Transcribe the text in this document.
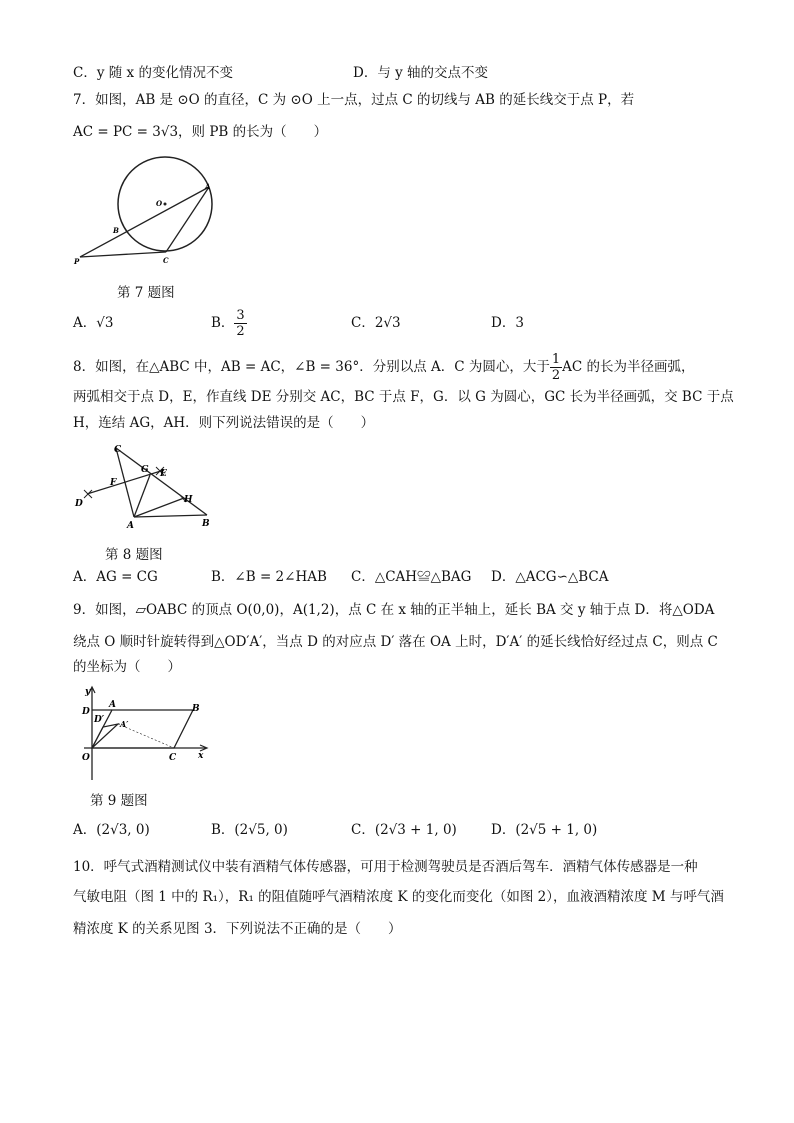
C．y 随 x 的变化情况不变	D．与 y 轴的交点不变
7．如图，AB 是 ⊙O 的直径，C 为 ⊙O 上一点，过点 C 的切线与 AB 的延长线交于点 P，若
AC = PC = 3√3，则 PB 的长为（　　）
O
A
B
C
P
第 7 题图
A．√3	B． $\frac{3}{2}$	C．2√3	D．3
8．如图，在△ABC 中，AB = AC，∠B = 36°．分别以点 A．C 为圆心，大于 $\frac{1}{2}$ AC 的长为半径画弧，
两弧相交于点 D，E，作直线 DE 分别交 AC，BC 于点 F，G．以 G 为圆心，GC 长为半径画弧，交 BC 于点
H，连结 AG，AH．则下列说法错误的是（　　）
C
G E
F
D	H
A	B
第 8 题图
A．AG = CG	B．∠B = 2∠HAB C．△CAH≌△BAG D．△ACG∽△BCA
9．如图，▱OABC 的顶点 O(0,0)，A(1,2)，点 C 在 x 轴的正半轴上，延长 BA 交 y 轴于点 D．将△ODA
绕点 O 顺时针旋转得到△OD′A′，当点 D 的对应点 D′ 落在 OA 上时，D′A′ 的延长线恰好经过点 C，则点 C
的坐标为（　　）
y
x
D
A	B
D′ A′
O	C
第 9 题图
A．(2√3, 0)	B．(2√5, 0)	C．(2√3 + 1, 0)	D．(2√5 + 1, 0)
10．呼气式酒精测试仪中装有酒精气体传感器，可用于检测驾驶员是否酒后驾车．酒精气体传感器是一种
气敏电阻（图 1 中的 R₁），R₁ 的阻值随呼气酒精浓度 K 的变化而变化（如图 2），血液酒精浓度 M 与呼气酒
精浓度 K 的关系见图 3．下列说法不正确的是（　　）
